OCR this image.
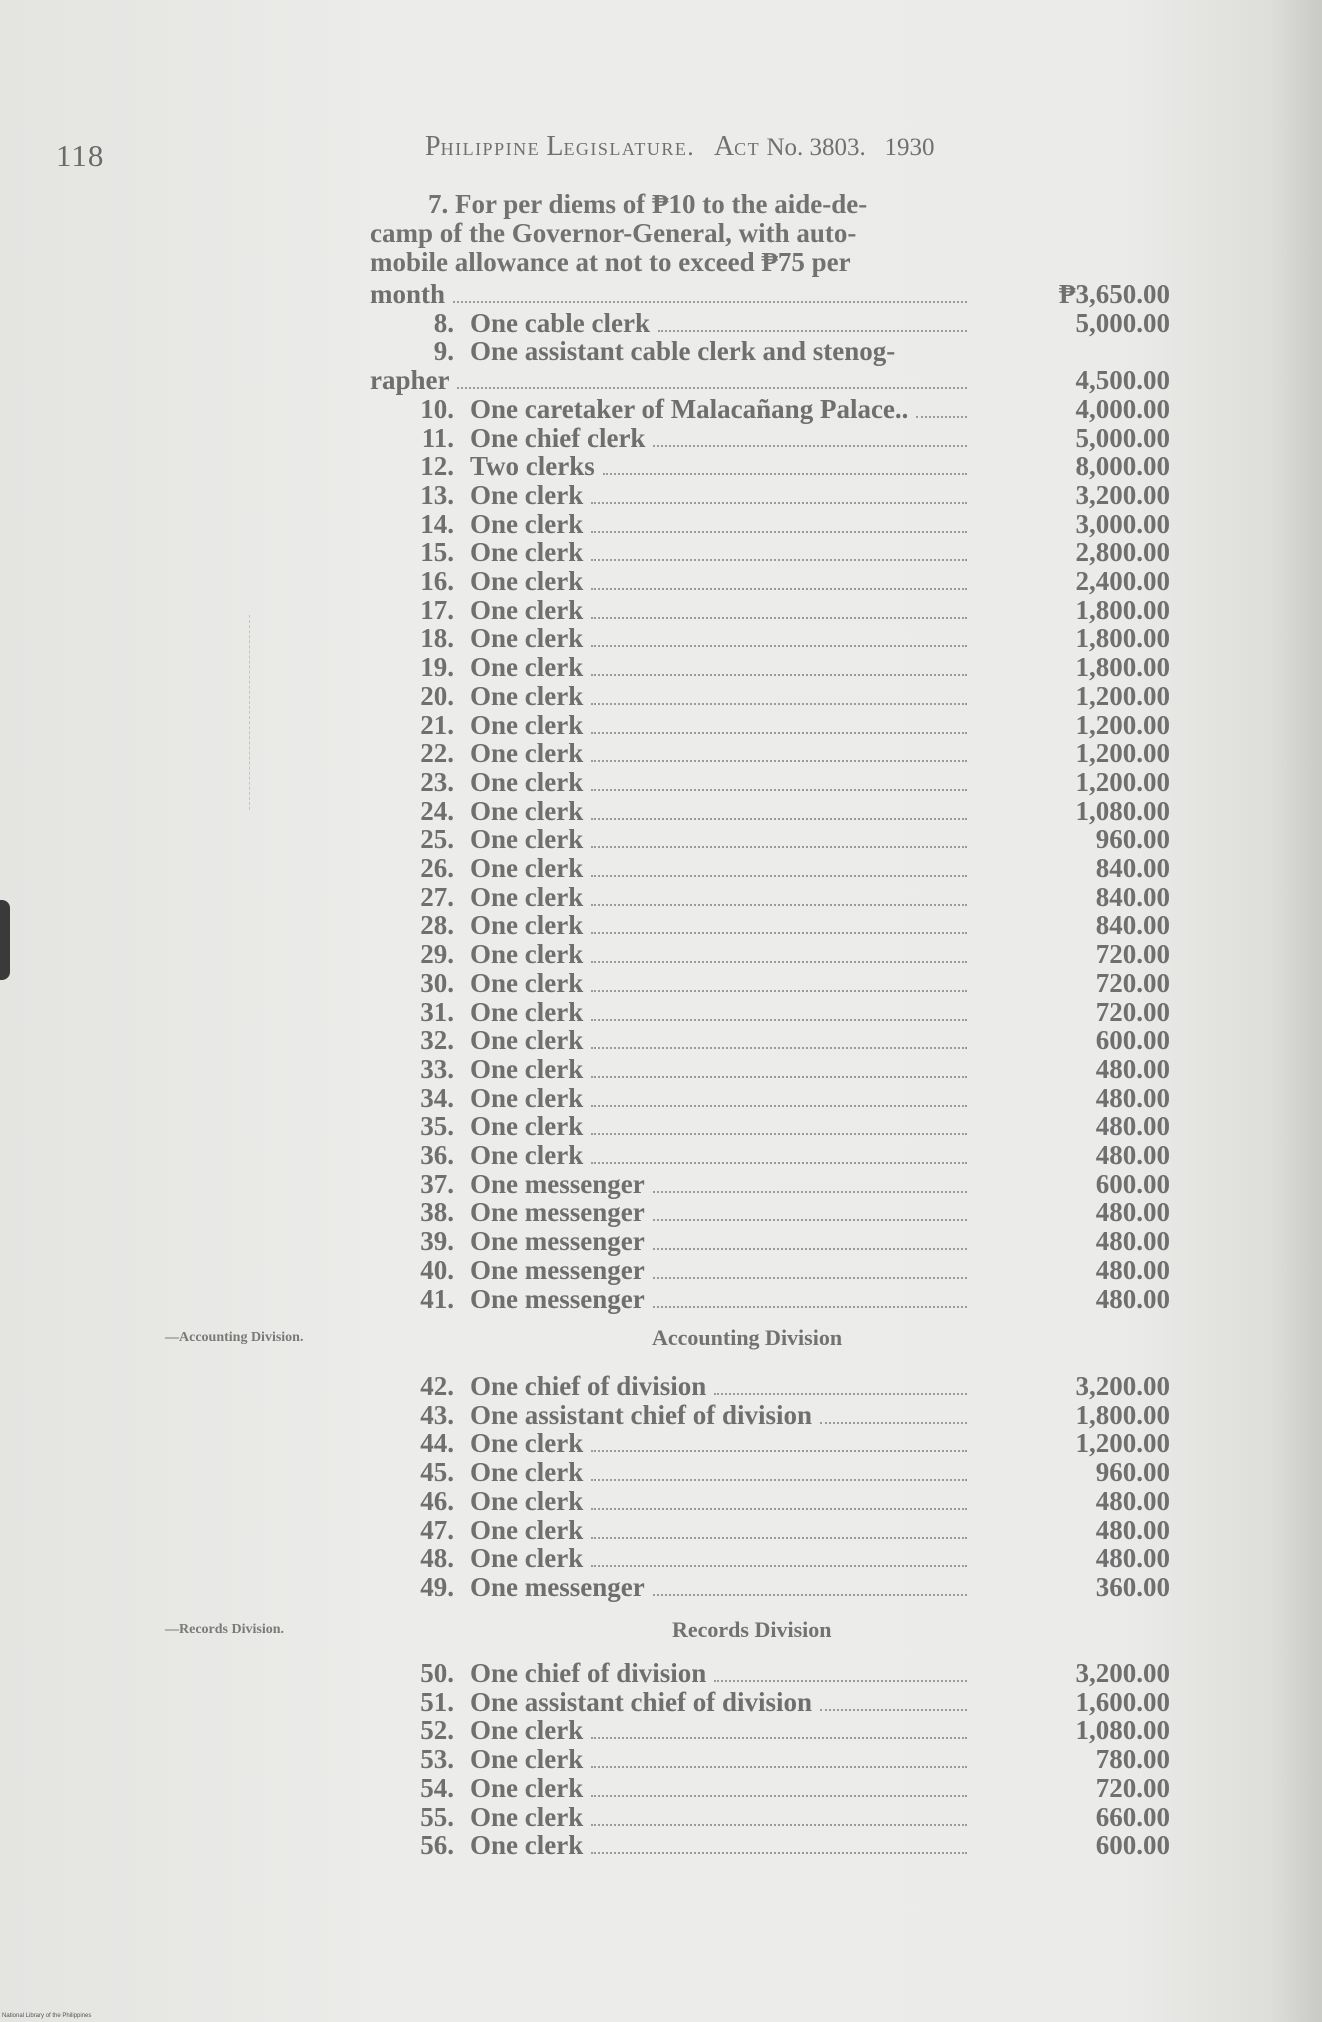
118	Philippine Legislature. Act No. 3803. 1930
7. For per diems of ₱10 to the aide-de-
camp of the Governor-General, with auto-
mobile allowance at not to exceed ₱75 per
month	₱3,650.00
8. One cable clerk	5,000.00
9. One assistant cable clerk and stenog-
rapher	4,500.00
10. One caretaker of Malacañang Palace..	4,000.00
11. One chief clerk	5,000.00
12. Two clerks	8,000.00
13. One clerk	3,200.00
14. One clerk	3,000.00
15. One clerk	2,800.00
16. One clerk	2,400.00
17. One clerk	1,800.00
18. One clerk	1,800.00
19. One clerk	1,800.00
20. One clerk	1,200.00
21. One clerk	1,200.00
22. One clerk	1,200.00
23. One clerk	1,200.00
24. One clerk	1,080.00
25. One clerk	960.00
26. One clerk	840.00
27. One clerk	840.00
28. One clerk	840.00
29. One clerk	720.00
30. One clerk	720.00
31. One clerk	720.00
32. One clerk	600.00
33. One clerk	480.00
34. One clerk	480.00
35. One clerk	480.00
36. One clerk	480.00
37. One messenger	600.00
38. One messenger	480.00
39. One messenger	480.00
40. One messenger	480.00
41. One messenger	480.00
42. One chief of division	3,200.00
43. One assistant chief of division	1,800.00
44. One clerk	1,200.00
45. One clerk	960.00
46. One clerk	480.00
47. One clerk	480.00
48. One clerk	480.00
49. One messenger	360.00
50. One chief of division	3,200.00
51. One assistant chief of division	1,600.00
52. One clerk	1,080.00
53. One clerk	780.00
54. One clerk	720.00
55. One clerk	660.00
56. One clerk	600.00
—Accounting Division.	Accounting Division
—Records Division.	Records Division
National Library of the Philippines
